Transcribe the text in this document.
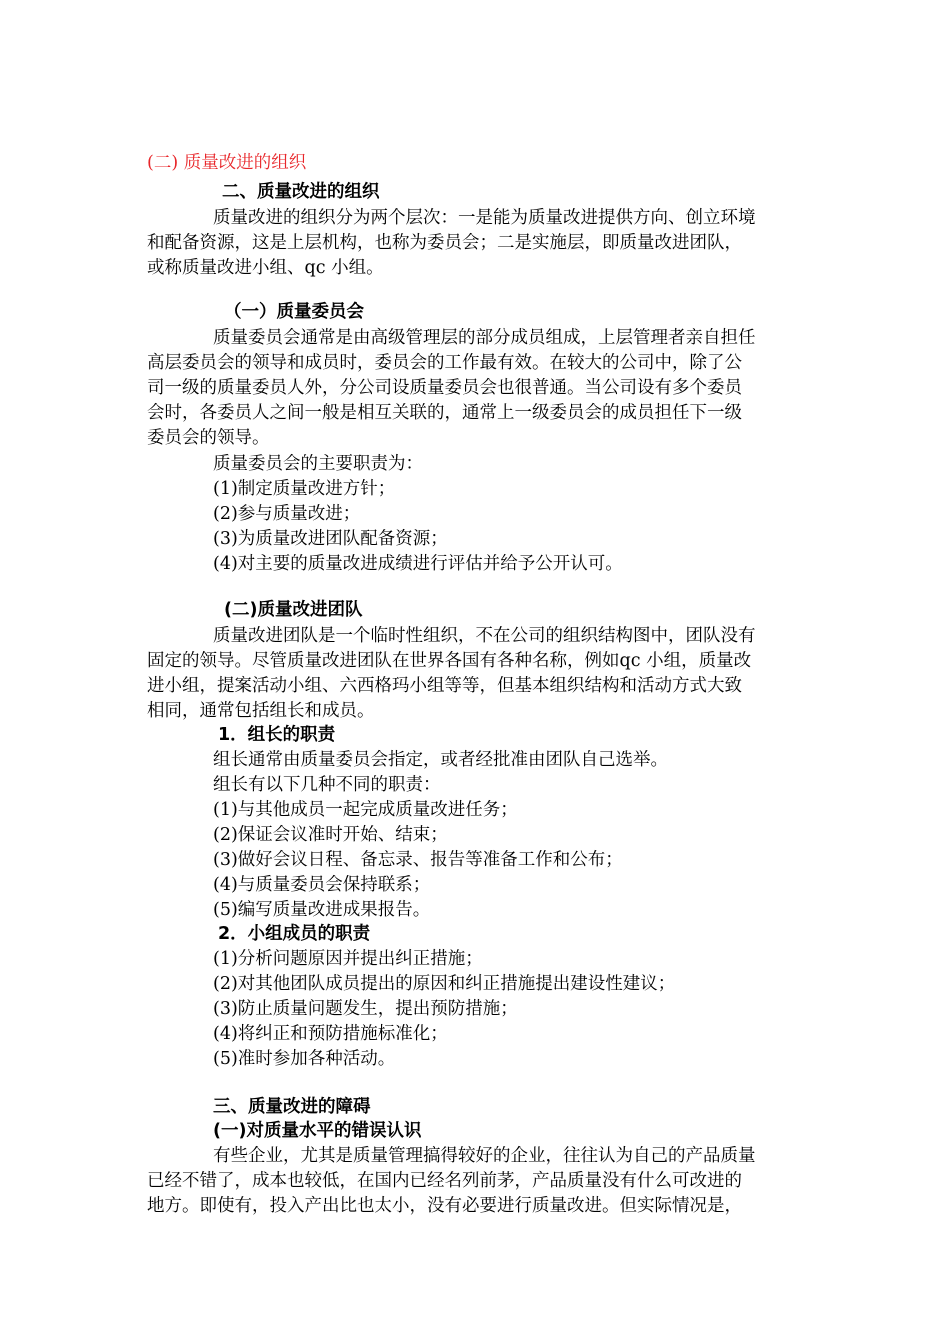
(二) 质量改进的组织
二、质量改进的组织
质量改进的组织分为两个层次：一是能为质量改进提供方向、创立环境
和配备资源，这是上层机构，也称为委员会；二是实施层，即质量改进团队，
或称质量改进小组、qc 小组。
（一）质量委员会
质量委员会通常是由高级管理层的部分成员组成，上层管理者亲自担任
高层委员会的领导和成员时，委员会的工作最有效。在较大的公司中，除了公
司一级的质量委员人外，分公司设质量委员会也很普通。当公司设有多个委员
会时，各委员人之间一般是相互关联的，通常上一级委员会的成员担任下一级
委员会的领导。
质量委员会的主要职责为：
(1)制定质量改进方针；
(2)参与质量改进；
(3)为质量改进团队配备资源；
(4)对主要的质量改进成绩进行评估并给予公开认可。
(二)质量改进团队
质量改进团队是一个临时性组织，不在公司的组织结构图中，团队没有
固定的领导。尽管质量改进团队在世界各国有各种名称，例如qc 小组，质量改
进小组，提案活动小组、六西格玛小组等等，但基本组织结构和活动方式大致
相同，通常包括组长和成员。
1．组长的职责
组长通常由质量委员会指定，或者经批准由团队自己选举。
组长有以下几种不同的职责：
(1)与其他成员一起完成质量改进任务；
(2)保证会议准时开始、结束；
(3)做好会议日程、备忘录、报告等准备工作和公布；
(4)与质量委员会保持联系；
(5)编写质量改进成果报告。
2．小组成员的职责
(1)分析问题原因并提出纠正措施；
(2)对其他团队成员提出的原因和纠正措施提出建设性建议；
(3)防止质量问题发生，提出预防措施；
(4)将纠正和预防措施标准化；
(5)准时参加各种活动。
三、质量改进的障碍
(一)对质量水平的错误认识
有些企业，尤其是质量管理搞得较好的企业，往往认为自己的产品质量
已经不错了，成本也较低，在国内已经名列前茅，产品质量没有什么可改进的
地方。即使有，投入产出比也太小，没有必要进行质量改进。但实际情况是，
